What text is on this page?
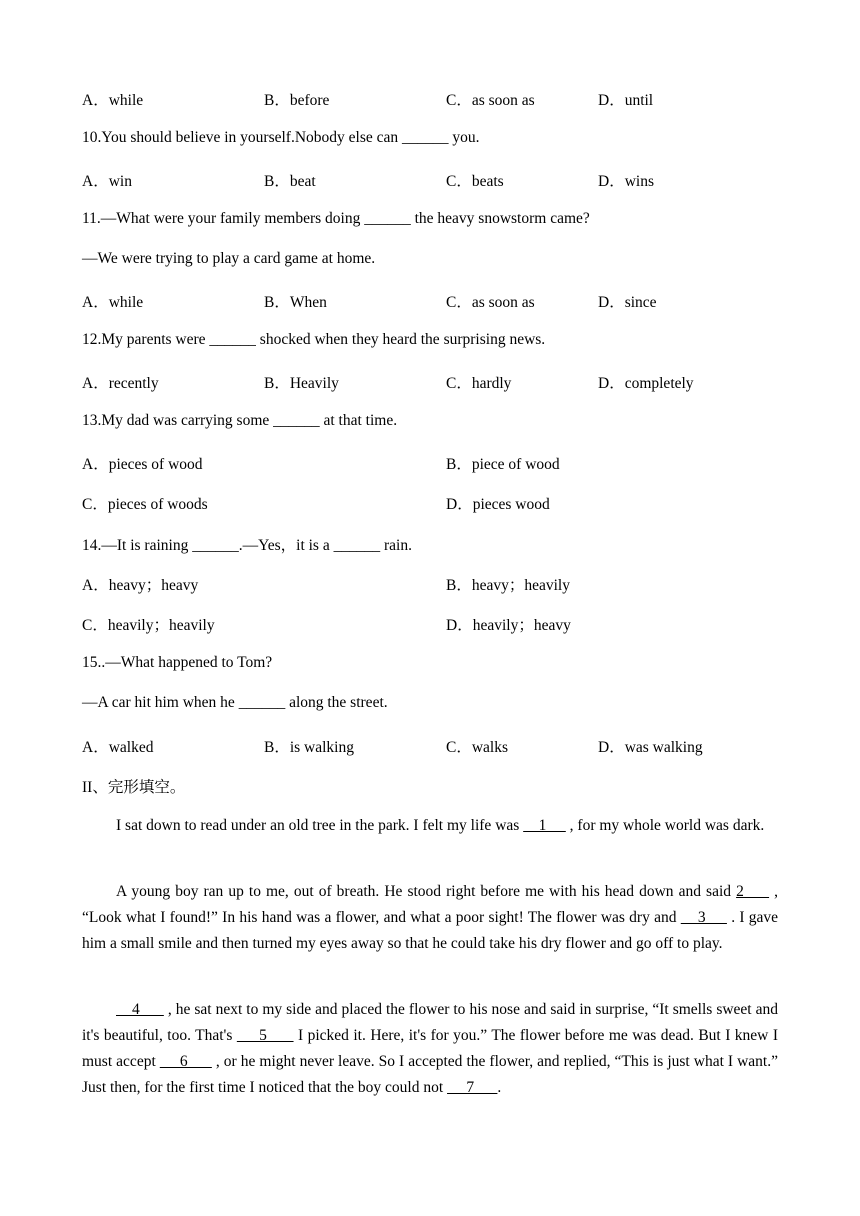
A．while	B．before	C．as soon as	D．until
10.You should believe in yourself.Nobody else can ______ you.
A．win	B．beat	C．beats	D．wins
11.—What were your family members doing ______ the heavy snowstorm came?
—We were trying to play a card game at home.
A．while	B．When	C．as soon as	D．since
12.My parents were ______ shocked when they heard the surprising news.
A．recently	B．Heavily	C．hardly	D．completely
13.My dad was carrying some ______ at that time.
A．pieces of wood	B．piece of wood
C．pieces of woods	D．pieces wood
14.—It is raining ______.—Yes，it is a ______ rain.
A．heavy；heavy	B．heavy；heavily
C．heavily；heavily	D．heavily；heavy
15..—What happened to Tom?
—A car hit him when he ______ along the street.
A．walked	B．is walking	C．walks	D．was walking
II、完形填空。
I sat down to read under an old tree in the park. I felt my life was     1      , for my whole world was dark.
A young boy ran up to me, out of breath. He stood right before me with his head down and said 2      , “Look what I found!” In his hand was a flower, and what a poor sight! The flower was dry and     3      . I gave him a small smile and then turned my eyes away so that he could take his dry flower and go off to play.
4       , he sat next to my side and placed the flower to his nose and said in surprise, “It smells sweet and it's beautiful, too. That's      5       I picked it. Here, it's for you.” The flower before me was dead. But I knew I must accept      6       , or he might never leave. So I accepted the flower, and replied, “This is just what I want.” Just then, for the first time I noticed that the boy could not      7      .
